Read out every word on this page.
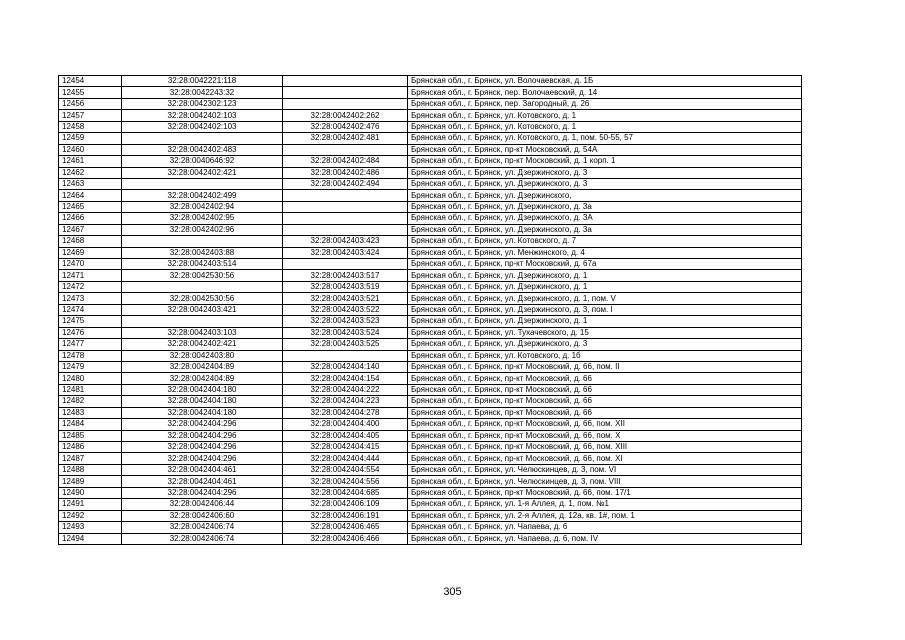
12454	32:28:0042221:118		Брянская обл., г. Брянск, ул. Волочаевская, д. 1Б
12455	32:28:0042243:32		Брянская обл., г. Брянск, пер. Волочаевский, д. 14
12456	32:28:0042302:123		Брянская обл., г. Брянск, пер. Загородный, д. 26
12457	32:28:0042402:103	32:28:0042402:262	Брянская обл., г. Брянск, ул. Котовского, д. 1
12458	32:28:0042402:103	32:28:0042402:476	Брянская обл., г. Брянск, ул. Котовского, д. 1
12459		32:28:0042402:481	Брянская обл., г. Брянск, ул. Котовского, д. 1, пом. 50-55, 57
12460	32:28:0042402:483		Брянская обл., г. Брянск, пр-кт Московский, д. 54А
12461	32:28:0040646:92	32:28:0042402:484	Брянская обл., г. Брянск, пр-кт Московский, д. 1 корп. 1
12462	32:28:0042402:421	32:28:0042402:486	Брянская обл., г. Брянск, ул. Дзержинского, д. 3
12463		32:28:0042402:494	Брянская обл., г. Брянск, ул. Дзержинского, д. 3
12464	32:28:0042402:499		Брянская обл., г. Брянск, ул. Дзержинского,
12465	32:28:0042402:94		Брянская обл., г. Брянск, ул. Дзержинского, д. 3а
12466	32:28:0042402:95		Брянская обл., г. Брянск, ул. Дзержинского, д. 3А
12467	32:28:0042402:96		Брянская обл., г. Брянск, ул. Дзержинского, д. 3а
12468		32:28:0042403:423	Брянская обл., г. Брянск, ул. Котовского, д. 7
12469	32:28:0042403:88	32:28:0042403:424	Брянская обл., г. Брянск, ул. Менжинского, д. 4
12470	32:28:0042403:514		Брянская обл., г. Брянск, пр-кт Московский, д. 67а
12471	32:28:0042530:56	32:28:0042403:517	Брянская обл., г. Брянск, ул. Дзержинского, д. 1
12472		32:28:0042403:519	Брянская обл., г. Брянск, ул. Дзержинского, д. 1
12473	32:28:0042530:56	32:28:0042403:521	Брянская обл., г. Брянск, ул. Дзержинского, д. 1, пом. V
12474	32:28:0042403:421	32:28:0042403:522	Брянская обл., г. Брянск, ул. Дзержинского, д. 3, пом. I
12475		32:28:0042403:523	Брянская обл., г. Брянск, ул. Дзержинского, д. 1
12476	32:28:0042403:103	32:28:0042403:524	Брянская обл., г. Брянск, ул. Тухачевского, д. 15
12477	32:28:0042402:421	32:28:0042403:525	Брянская обл., г. Брянск, ул. Дзержинского, д. 3
12478	32:28:0042403:80		Брянская обл., г. Брянск, ул. Котовского, д. 1б
12479	32:28:0042404:89	32:28:0042404:140	Брянская обл., г. Брянск, пр-кт Московский, д. 66, пом. II
12480	32:28:0042404:89	32:28:0042404:154	Брянская обл., г. Брянск, пр-кт Московский, д. 66
12481	32:28:0042404:180	32:28:0042404:222	Брянская обл., г. Брянск, пр-кт Московский, д. 66
12482	32:28:0042404:180	32:28:0042404:223	Брянская обл., г. Брянск, пр-кт Московский, д. 66
12483	32:28:0042404:180	32:28:0042404:278	Брянская обл., г. Брянск, пр-кт Московский, д. 66
12484	32:28:0042404:296	32:28:0042404:400	Брянская обл., г. Брянск, пр-кт Московский, д. 66, пом. XII
12485	32:28:0042404:296	32:28:0042404:405	Брянская обл., г. Брянск, пр-кт Московский, д. 66, пом. X
12486	32:28:0042404:296	32:28:0042404:415	Брянская обл., г. Брянск, пр-кт Московский, д. 66, пом. XIII
12487	32:28:0042404:296	32:28:0042404:444	Брянская обл., г. Брянск, пр-кт Московский, д. 66, пом. XI
12488	32:28:0042404:461	32:28:0042404:554	Брянская обл., г. Брянск, ул. Челюскинцев, д. 3, пом. VI
12489	32:28:0042404:461	32:28:0042404:556	Брянская обл., г. Брянск, ул. Челюскинцев, д. 3, пом. VIII
12490	32:28:0042404:296	32:28:0042404:685	Брянская обл., г. Брянск, пр-кт Московский, д. 66, пом. 17/1
12491	32:28:0042406:44	32:28:0042406:109	Брянская обл., г. Брянск, ул. 1-я Аллея, д. 1, пом. №1
12492	32:28:0042406:60	32:28:0042406:191	Брянская обл., г. Брянск, ул. 2-я Аллея, д. 12а, кв. 1#, пом. 1
12493	32:28:0042406:74	32:28:0042406:465	Брянская обл., г. Брянск, ул. Чапаева, д. 6
12494	32:28:0042406:74	32:28:0042406:466	Брянская обл., г. Брянск, ул. Чапаева, д. 6, пом. IV
305
